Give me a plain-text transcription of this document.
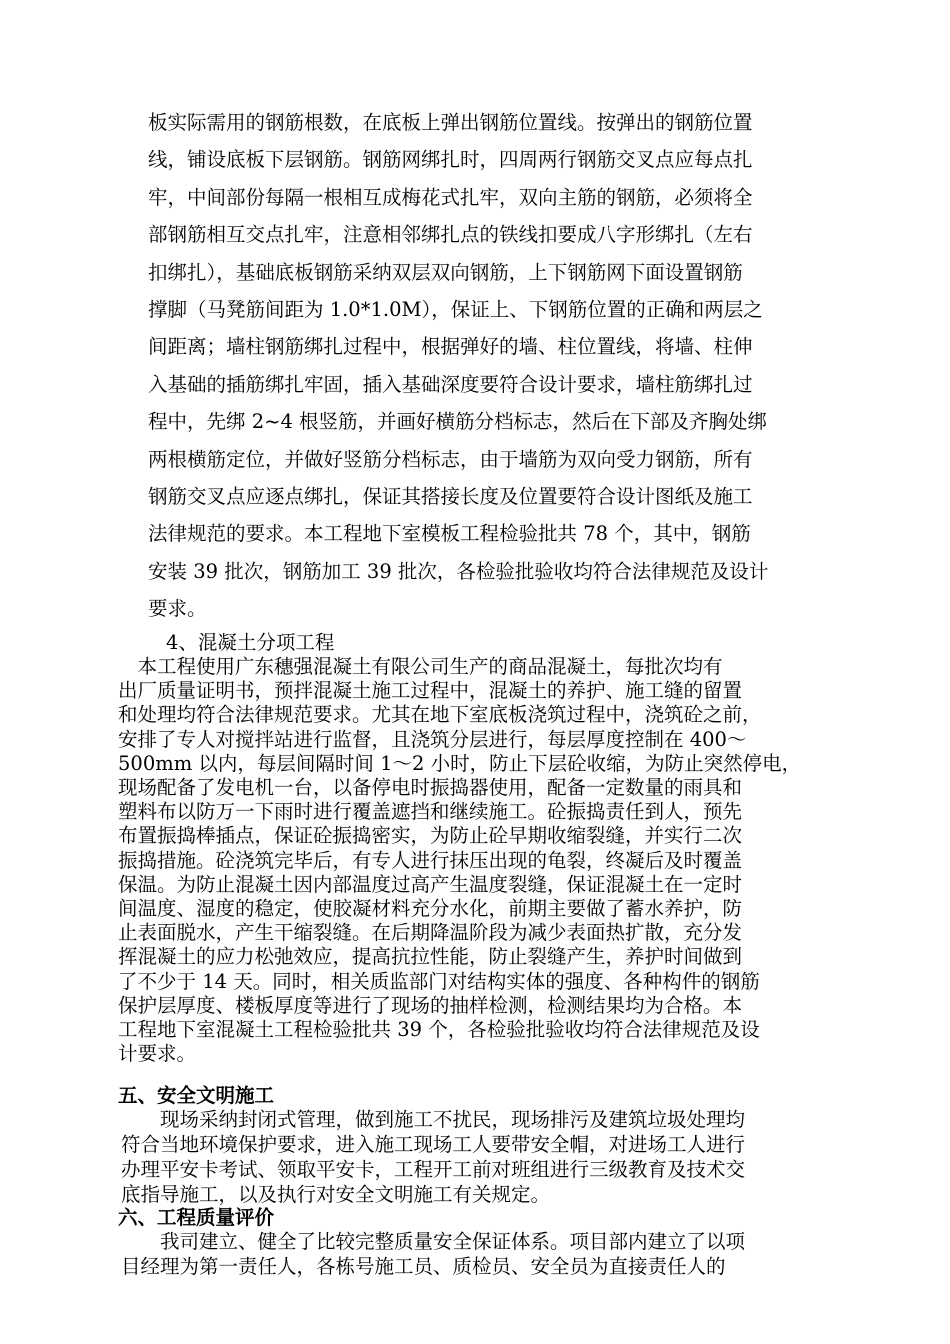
板实际需用的钢筋根数，在底板上弹出钢筋位置线。按弹出的钢筋位置
线，铺设底板下层钢筋。钢筋网绑扎时，四周两行钢筋交叉点应每点扎
牢，中间部份每隔一根相互成梅花式扎牢，双向主筋的钢筋，必须将全
部钢筋相互交点扎牢，注意相邻绑扎点的铁线扣要成八字形绑扎（左右
扣绑扎），基础底板钢筋采纳双层双向钢筋，上下钢筋网下面设置钢筋
撑脚（马凳筋间距为 1.0*1.0M），保证上、下钢筋位置的正确和两层之
间距离；墙柱钢筋绑扎过程中，根据弹好的墙、柱位置线，将墙、柱伸
入基础的插筋绑扎牢固，插入基础深度要符合设计要求，墙柱筋绑扎过
程中，先绑 2~4 根竖筋，并画好横筋分档标志，然后在下部及齐胸处绑
两根横筋定位，并做好竖筋分档标志，由于墙筋为双向受力钢筋，所有
钢筋交叉点应逐点绑扎，保证其搭接长度及位置要符合设计图纸及施工
法律规范的要求。本工程地下室模板工程检验批共 78 个，其中，钢筋
安装 39 批次，钢筋加工 39 批次，各检验批验收均符合法律规范及设计
要求。
4、混凝土分项工程
　本工程使用广东穗强混凝土有限公司生产的商品混凝土，每批次均有
出厂质量证明书，预拌混凝土施工过程中，混凝土的养护、施工缝的留置
和处理均符合法律规范要求。尤其在地下室底板浇筑过程中，浇筑砼之前，
安排了专人对搅拌站进行监督，且浇筑分层进行，每层厚度控制在 400～
500mm 以内，每层间隔时间 1～2 小时，防止下层砼收缩，为防止突然停电，
现场配备了发电机一台，以备停电时振捣器使用，配备一定数量的雨具和
塑料布以防万一下雨时进行覆盖遮挡和继续施工。砼振捣责任到人，预先
布置振捣棒插点，保证砼振捣密实，为防止砼早期收缩裂缝，并实行二次
振捣措施。砼浇筑完毕后，有专人进行抹压出现的龟裂，终凝后及时覆盖
保温。为防止混凝土因内部温度过高产生温度裂缝，保证混凝土在一定时
间温度、湿度的稳定，使胶凝材料充分水化，前期主要做了蓄水养护，防
止表面脱水，产生干缩裂缝。在后期降温阶段为减少表面热扩散，充分发
挥混凝土的应力松弛效应，提高抗拉性能，防止裂缝产生，养护时间做到
了不少于 14 天。同时，相关质监部门对结构实体的强度、各种构件的钢筋
保护层厚度、楼板厚度等进行了现场的抽样检测，检测结果均为合格。本
工程地下室混凝土工程检验批共 39 个，各检验批验收均符合法律规范及设
计要求。
五、安全文明施工
　　现场采纳封闭式管理，做到施工不扰民，现场排污及建筑垃圾处理均
符合当地环境保护要求，进入施工现场工人要带安全帽，对进场工人进行
办理平安卡考试、领取平安卡，工程开工前对班组进行三级教育及技术交
底指导施工，以及执行对安全文明施工有关规定。
六、工程质量评价
　　我司建立、健全了比较完整质量安全保证体系。项目部内建立了以项
目经理为第一责任人，各栋号施工员、质检员、安全员为直接责任人的
